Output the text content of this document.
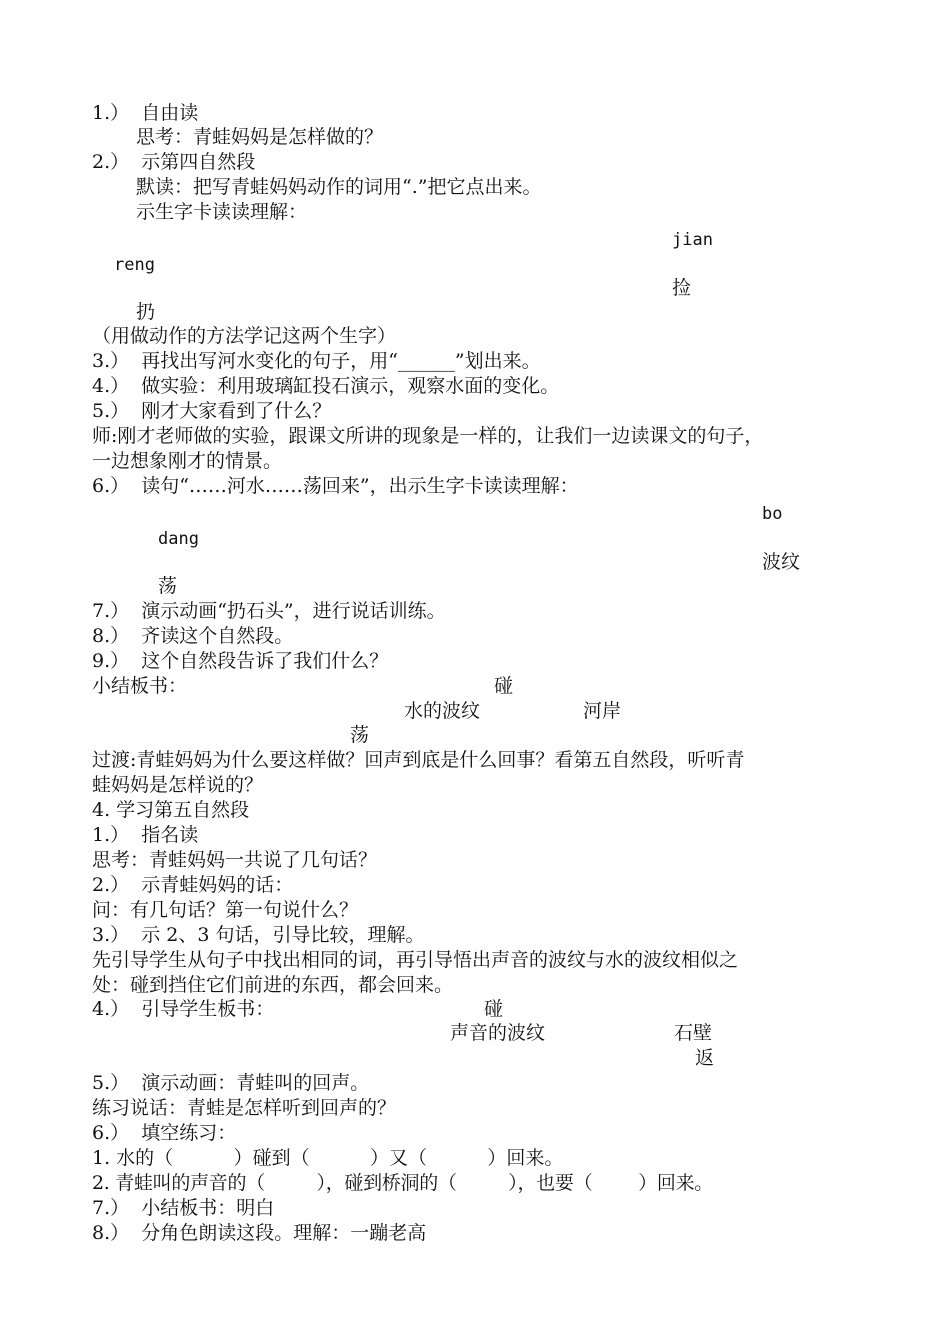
1.）  自由读
思考：青蛙妈妈是怎样做的？
2.）  示第四自然段
默读：把写青蛙妈妈动作的词用“.”把它点出来。
示生字卡读读理解：
jian
reng
捡
扔
（用做动作的方法学记这两个生字）
3.）  再找出写河水变化的句子，用“______”划出来。
4.）  做实验：利用玻璃缸投石演示，观察水面的变化。
5.）  刚才大家看到了什么？
师:刚才老师做的实验，跟课文所讲的现象是一样的，让我们一边读课文的句子，
一边想象刚才的情景。
6.）  读句“……河水……荡回来”，出示生字卡读读理解：
bo
dang
波纹
荡
7.）  演示动画“扔石头”，进行说话训练。
8.）  齐读这个自然段。
9.）  这个自然段告诉了我们什么？
小结板书：	碰
水的波纹	河岸
荡
过渡:青蛙妈妈为什么要这样做？回声到底是什么回事？看第五自然段，听听青
蛙妈妈是怎样说的？
4. 学习第五自然段
1.）  指名读
思考：青蛙妈妈一共说了几句话？
2.）  示青蛙妈妈的话：
问：有几句话？第一句说什么？
3.）  示 2、3 句话，引导比较，理解。
先引导学生从句子中找出相同的词，再引导悟出声音的波纹与水的波纹相似之
处：碰到挡住它们前进的东西，都会回来。
4.）  引导学生板书：	碰
声音的波纹	石壁
返
5.）  演示动画：青蛙叫的回声。
练习说话：青蛙是怎样听到回声的？
6.）  填空练习：
1. 水的（          ）碰到（          ）又（          ）回来。
2. 青蛙叫的声音的（         ），碰到桥洞的（         ），也要（        ）回来。
7.）  小结板书：明白
8.）  分角色朗读这段。理解：一蹦老高
